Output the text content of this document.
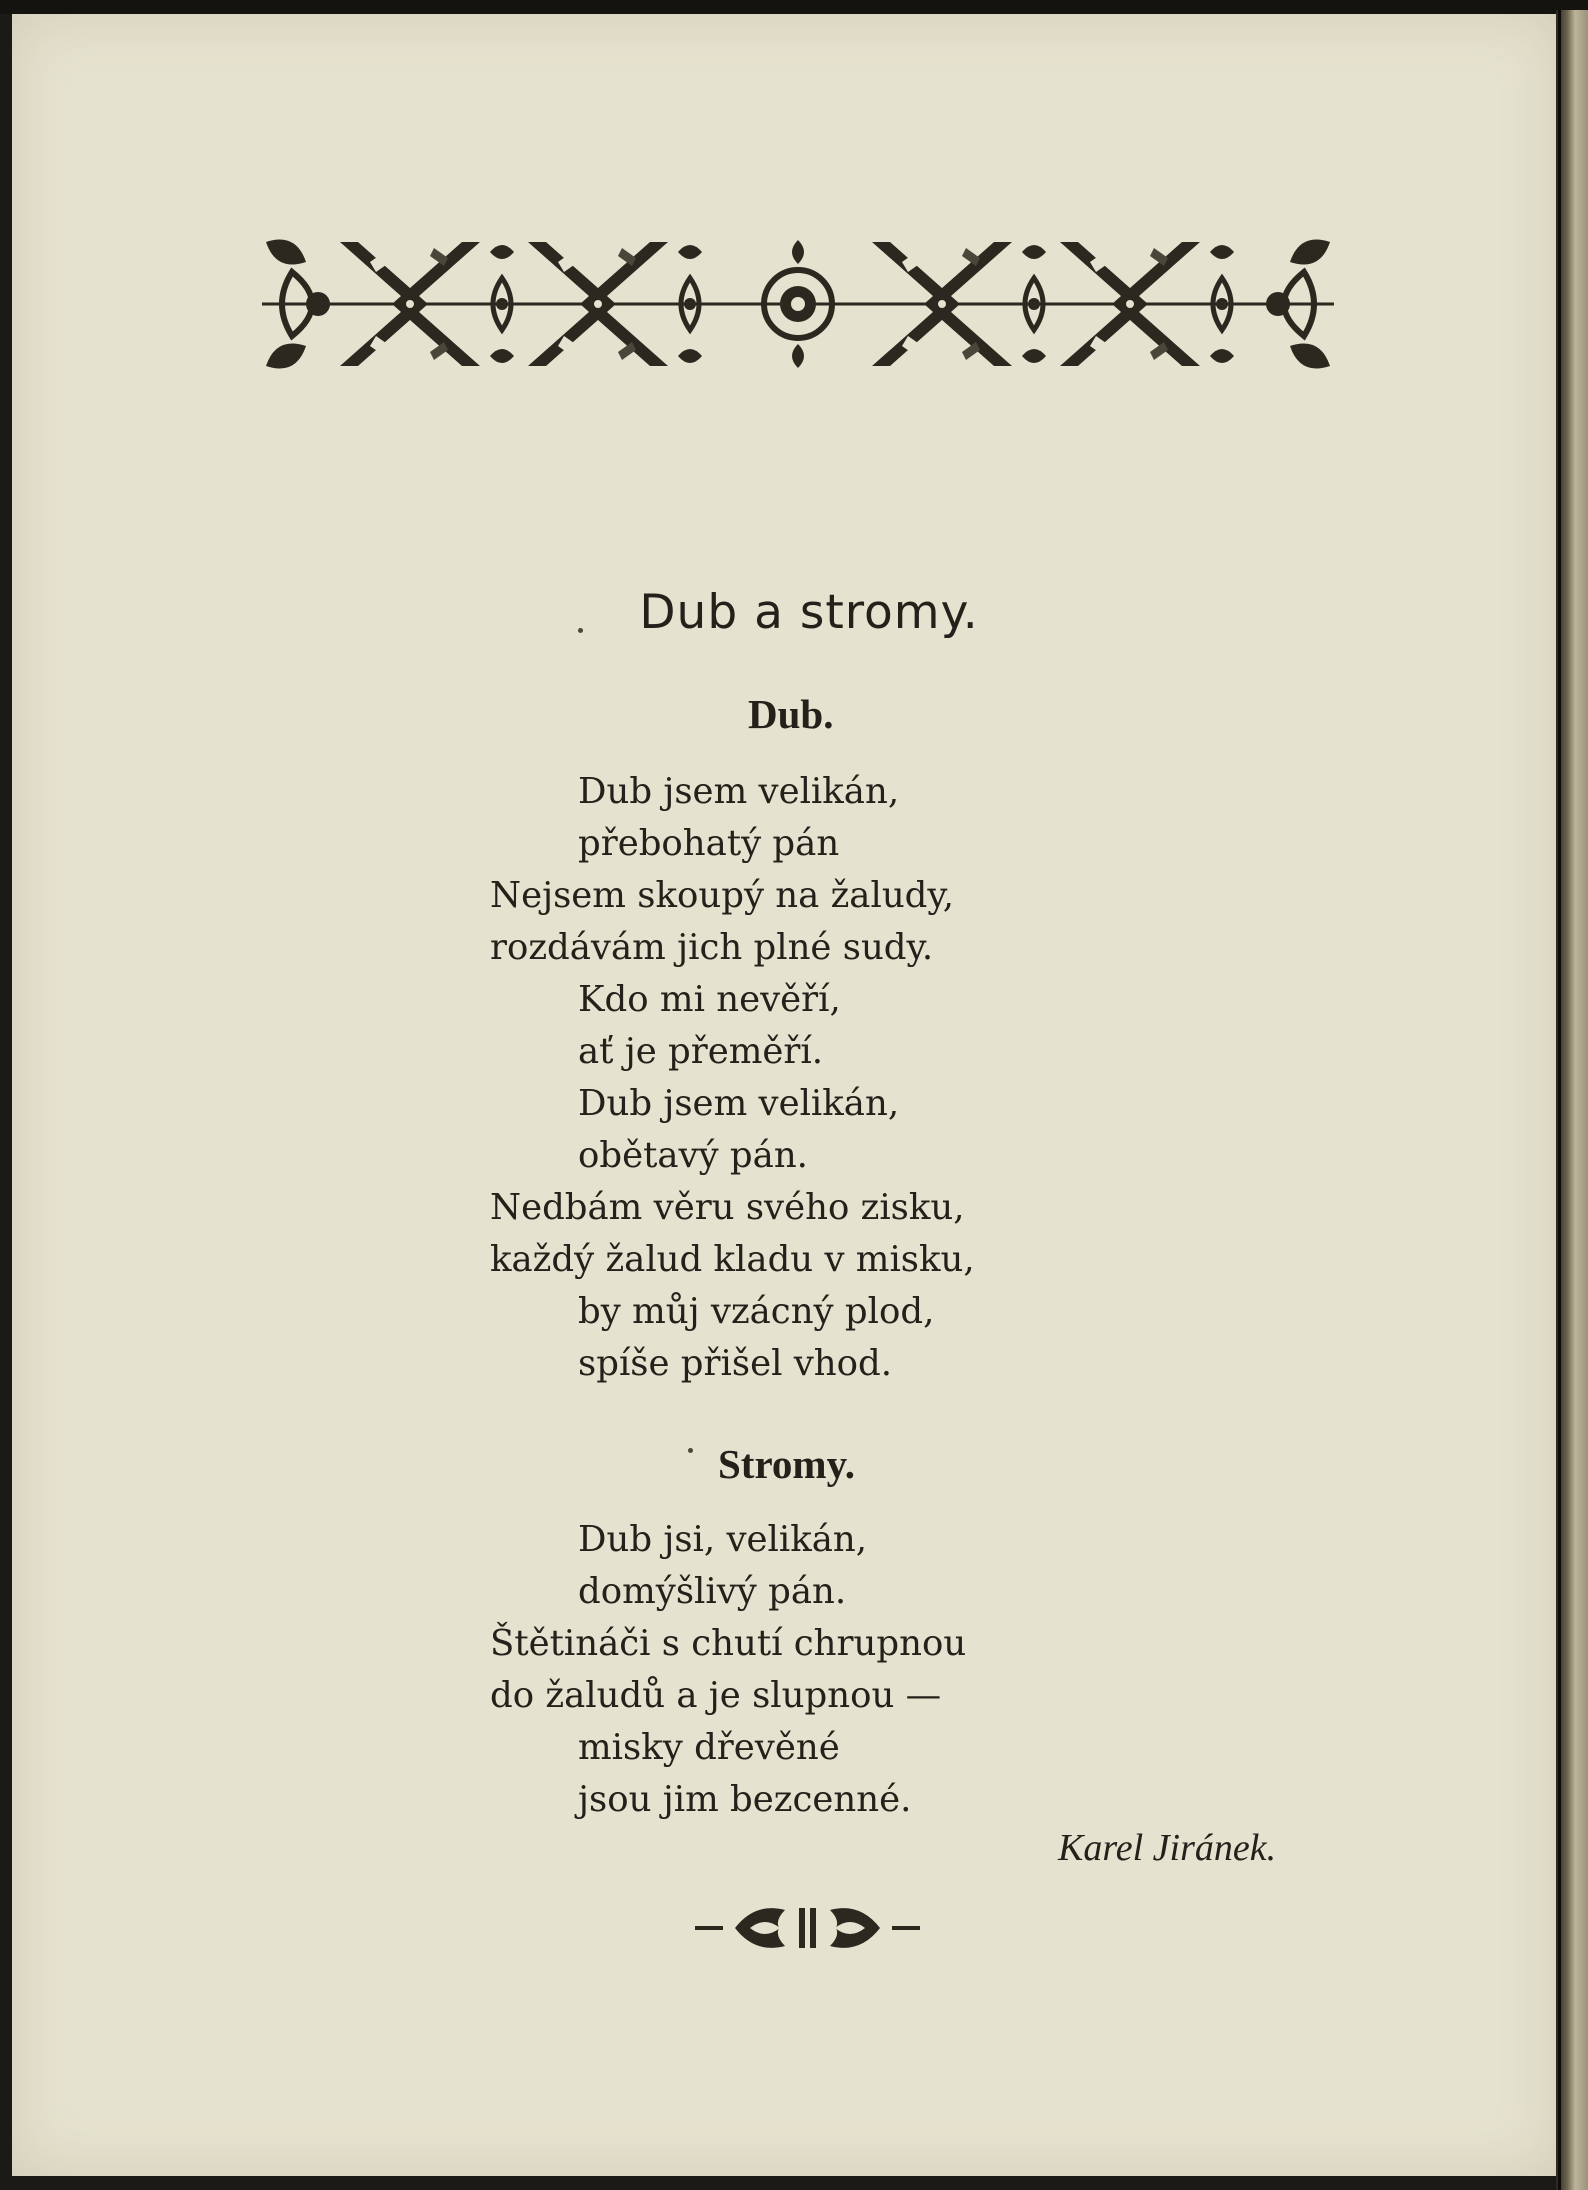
Dub a stromy.
Dub.
Dub jsem velikán,
přebohatý pán
Nejsem skoupý na žaludy,
rozdávám jich plné sudy.
Kdo mi nevěří,
ať je přeměří.
Dub jsem velikán,
obětavý pán.
Nedbám věru svého zisku,
každý žalud kladu v misku,
by můj vzácný plod,
spíše přišel vhod.
Stromy.
Dub jsi, velikán,
domýšlivý pán.
Štětináči s chutí chrupnou
do žaludů a je slupnou —
misky dřevěné
jsou jim bezcenné.
Karel Jiránek.
